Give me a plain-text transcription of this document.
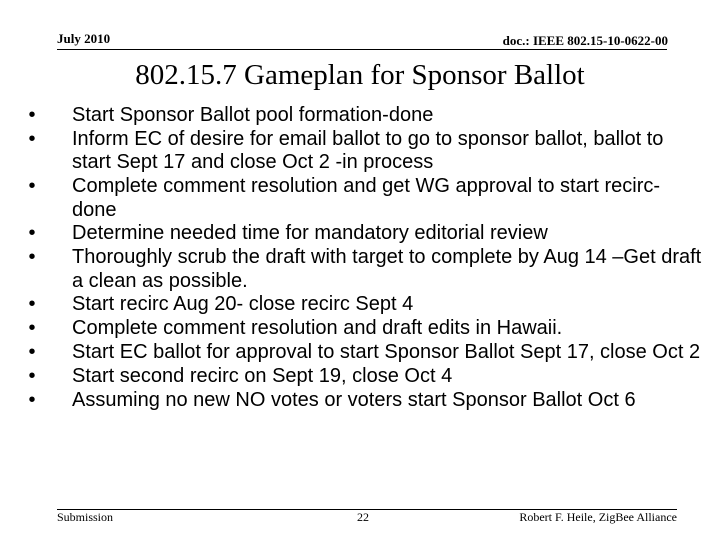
July 2010	doc.: IEEE 802.15-10-0622-00
802.15.7 Gameplan for Sponsor Ballot
•	Start Sponsor Ballot pool formation-done
•	Inform EC of desire for email ballot to go to sponsor ballot, ballot to start Sept 17 and close Oct 2 -in process
•	Complete comment resolution and get WG approval to start recirc-done
•	Determine needed time for mandatory editorial review
•	Thoroughly scrub the draft with target to complete by Aug 14 –Get draft a clean as possible.
•	Start recirc Aug 20- close recirc Sept 4
•	Complete comment resolution and draft edits in Hawaii.
•	Start EC ballot for approval to start Sponsor Ballot Sept 17, close Oct 2
•	Start second recirc on Sept 19, close Oct 4
•	Assuming no new NO votes or voters start Sponsor Ballot Oct 6
Submission	22	Robert F. Heile, ZigBee Alliance
